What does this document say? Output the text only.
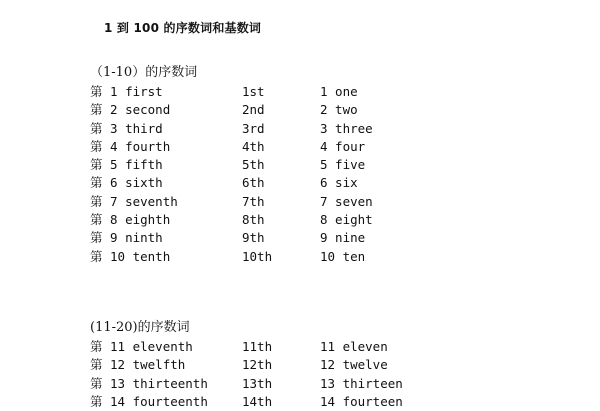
1 到 100 的序数词和基数词
（1-10）的序数词
第 1 first	1st	1 one
第 2 second	2nd	2 two
第 3 third	3rd	3 three
第 4 fourth	4th	4 four
第 5 fifth	5th	5 five
第 6 sixth	6th	6 six
第 7 seventh	7th	7 seven
第 8 eighth	8th	8 eight
第 9 ninth	9th	9 nine
第 10 tenth	10th	10 ten
(11-20)的序数词
第 11 eleventh	11th	11 eleven
第 12 twelfth	12th	12 twelve
第 13 thirteenth	13th	13 thirteen
第 14 fourteenth	14th	14 fourteen
